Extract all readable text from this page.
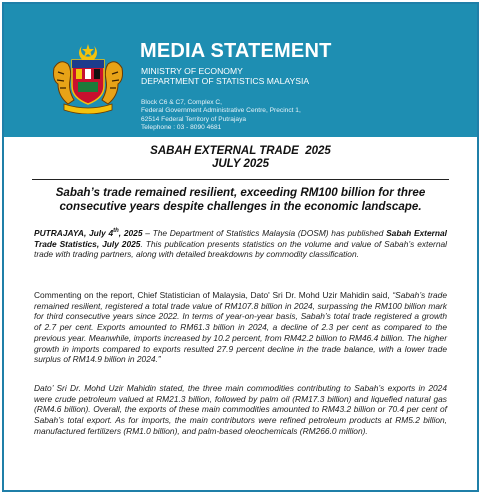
MEDIA STATEMENT
MINISTRY OF ECONOMY
DEPARTMENT OF STATISTICS MALAYSIA
Block C6 & C7, Complex C,
Federal Government Administrative Centre, Precinct 1,
62514 Federal Territory of Putrajaya
Telephone : 03 - 8090 4681
SABAH EXTERNAL TRADE  2025
JULY 2025
Sabah’s trade remained resilient, exceeding RM100 billion for three consecutive years despite challenges in the economic landscape.
PUTRAJAYA, July 4th, 2025 – The Department of Statistics Malaysia (DOSM) has published Sabah External Trade Statistics, July 2025. This publication presents statistics on the volume and value of Sabah’s external trade with trading partners, along with detailed breakdowns by commodity classification.
Commenting on the report, Chief Statistician of Malaysia, Dato' Sri Dr. Mohd Uzir Mahidin said, “Sabah’s trade remained resilient, registered a total trade value of RM107.8 billion in 2024, surpassing the RM100 billion mark for third consecutive years since 2022. In terms of year-on-year basis, Sabah’s total trade registered a growth of 2.7 per cent. Exports amounted to RM61.3 billion in 2024, a decline of 2.3 per cent as compared to the previous year. Meanwhile, imports increased by 10.2 percent, from RM42.2 billion to RM46.4 billion. The higher growth in imports compared to exports resulted 27.9 percent decline in the trade balance, with a lower trade surplus of RM14.9 billion in 2024.”
Dato’ Sri Dr. Mohd Uzir Mahidin stated, the three main commodities contributing to Sabah’s exports in 2024 were crude petroleum valued at RM21.3 billion, followed by palm oil (RM17.3 billion) and liquefied natural gas (RM4.6 billion). Overall, the exports of these main commodities amounted to RM43.2 billion or 70.4 per cent of Sabah’s total export. As for imports, the main contributors were refined petroleum products at RM5.2 billion, manufactured fertilizers (RM1.0 billion), and palm-based oleochemicals (RM266.0 million).
